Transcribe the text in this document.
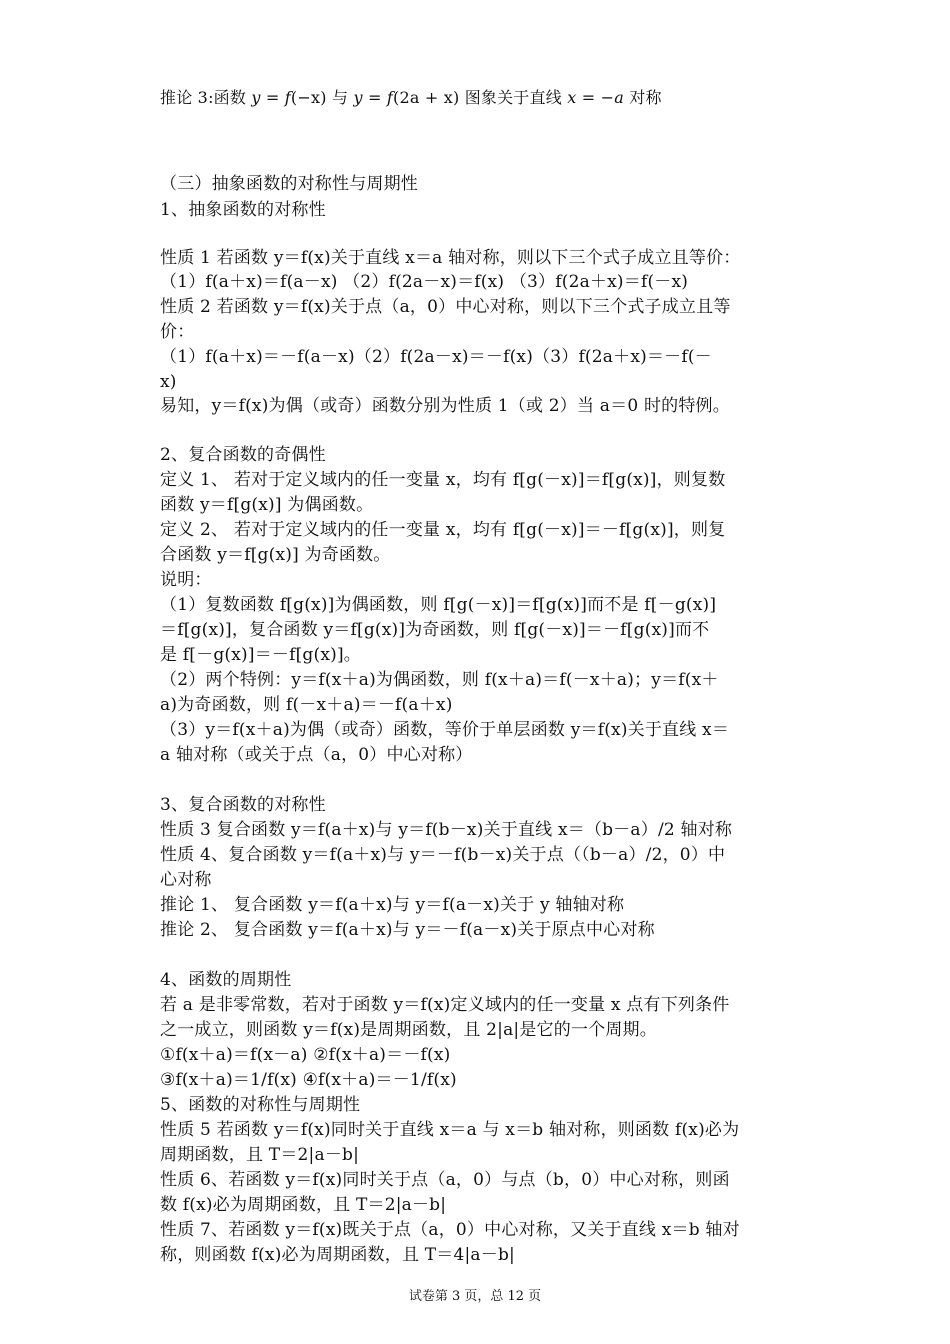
推论 3:函数 y = f(−x) 与 y = f(2a + x) 图象关于直线 x = −a 对称
（三）抽象函数的对称性与周期性
1、抽象函数的对称性
性质 1 若函数 y＝f(x)关于直线 x＝a 轴对称，则以下三个式子成立且等价：
（1）f(a＋x)＝f(a－x) （2）f(2a－x)＝f(x) （3）f(2a＋x)＝f(－x)
性质 2 若函数 y＝f(x)关于点（a，0）中心对称，则以下三个式子成立且等
价：
（1）f(a＋x)＝－f(a－x)（2）f(2a－x)＝－f(x)（3）f(2a＋x)＝－f(－
x)
易知，y＝f(x)为偶（或奇）函数分别为性质 1（或 2）当 a＝0 时的特例。
2、复合函数的奇偶性
定义 1、 若对于定义域内的任一变量 x，均有 f[g(－x)]＝f[g(x)]，则复数
函数 y＝f[g(x)] 为偶函数。
定义 2、 若对于定义域内的任一变量 x，均有 f[g(－x)]＝－f[g(x)]，则复
合函数 y＝f[g(x)] 为奇函数。
说明：
（1）复数函数 f[g(x)]为偶函数，则 f[g(－x)]＝f[g(x)]而不是 f[－g(x)]
＝f[g(x)]，复合函数 y＝f[g(x)]为奇函数，则 f[g(－x)]＝－f[g(x)]而不
是 f[－g(x)]＝－f[g(x)]。
（2）两个特例：y＝f(x＋a)为偶函数，则 f(x＋a)＝f(－x＋a)；y＝f(x＋
a)为奇函数，则 f(－x＋a)＝－f(a＋x)
（3）y＝f(x＋a)为偶（或奇）函数，等价于单层函数 y＝f(x)关于直线 x＝
a 轴对称（或关于点（a，0）中心对称）
3、复合函数的对称性
性质 3 复合函数 y＝f(a＋x)与 y＝f(b－x)关于直线 x＝（b－a）/2 轴对称
性质 4、复合函数 y＝f(a＋x)与 y＝－f(b－x)关于点（（b－a）/2，0）中
心对称
推论 1、 复合函数 y＝f(a＋x)与 y＝f(a－x)关于 y 轴轴对称
推论 2、 复合函数 y＝f(a＋x)与 y＝－f(a－x)关于原点中心对称
4、函数的周期性
若 a 是非零常数，若对于函数 y＝f(x)定义域内的任一变量 x 点有下列条件
之一成立，则函数 y＝f(x)是周期函数，且 2|a|是它的一个周期。
①f(x＋a)＝f(x－a) ②f(x＋a)＝－f(x)
③f(x＋a)＝1/f(x) ④f(x＋a)＝－1/f(x)
5、函数的对称性与周期性
性质 5 若函数 y＝f(x)同时关于直线 x＝a 与 x＝b 轴对称，则函数 f(x)必为
周期函数，且 T＝2|a－b|
性质 6、若函数 y＝f(x)同时关于点（a，0）与点（b，0）中心对称，则函
数 f(x)必为周期函数，且 T＝2|a－b|
性质 7、若函数 y＝f(x)既关于点（a，0）中心对称，又关于直线 x＝b 轴对
称，则函数 f(x)必为周期函数，且 T＝4|a－b|
试卷第 3 页，总 12 页
